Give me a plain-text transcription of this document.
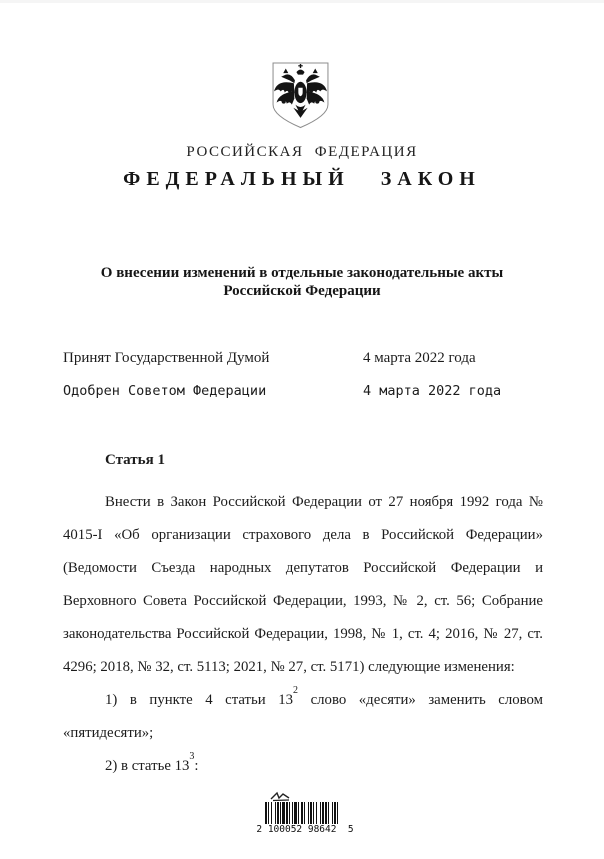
РОССИЙСКАЯ ФЕДЕРАЦИЯ
ФЕДЕРАЛЬНЫЙ ЗАКОН
О внесении изменений в отдельные законодательные акты
Российской Федерации
Принят Государственной Думой	4 марта 2022 года
Одобрен Советом Федерации	4 марта 2022 года
Статья 1
Внести в Закон Российской Федерации от 27 ноября 1992 года № 4015-I «Об организации страхового дела в Российской Федерации» (Ведомости Съезда народных депутатов Российской Федерации и Верховного Совета Российской Федерации, 1993, № 2, ст. 56; Собрание законодательства Российской Федерации, 1998, № 1, ст. 4; 2016, № 27, ст. 4296; 2018, № 32, ст. 5113; 2021, № 27, ст. 5171) следующие изменения:
1) в пункте 4 статьи 13$^2$ слово «десяти» заменить словом «пятидесяти»;
2) в статье 13$^3$:
2 100052 98642  5
